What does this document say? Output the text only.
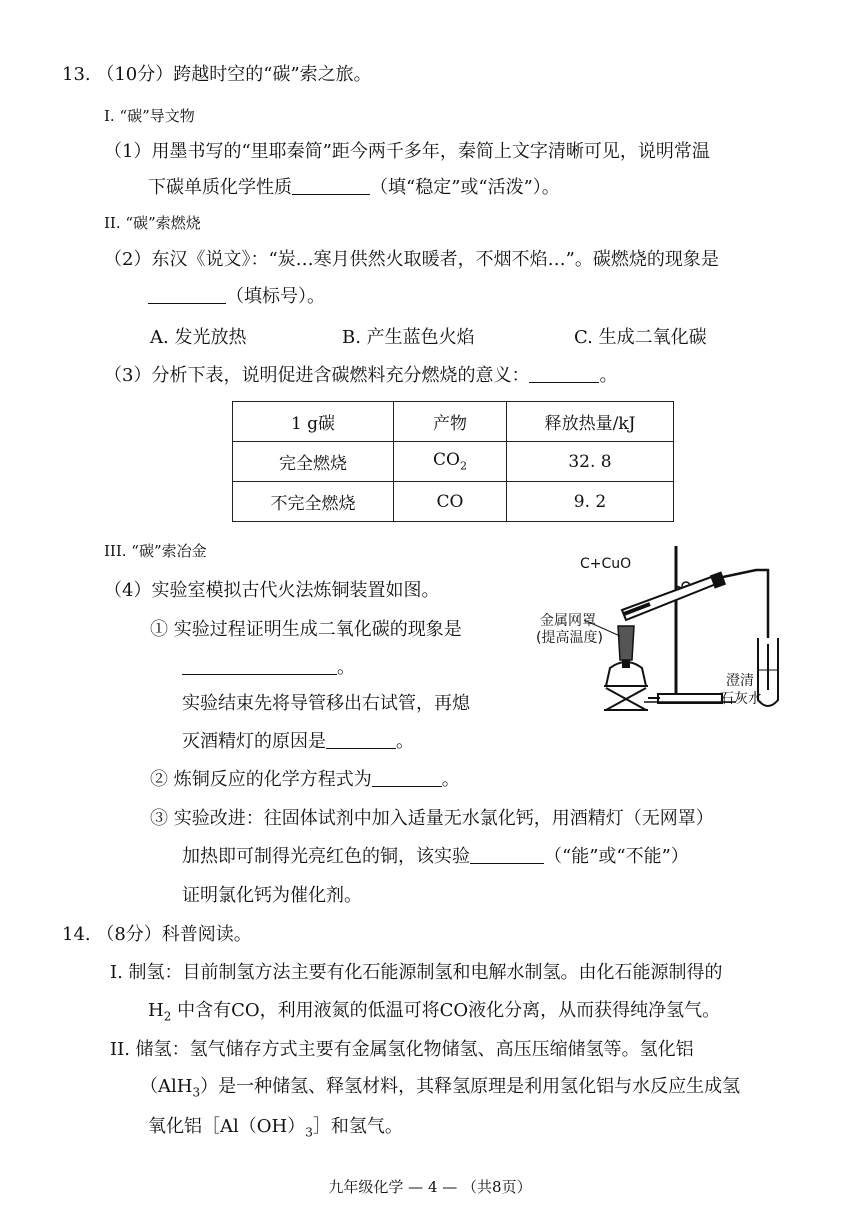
13. （10分）跨越时空的“碳”索之旅。
I. “碳”导文物
（1）用墨书写的“里耶秦简”距今两千多年，秦简上文字清晰可见，说明常温
下碳单质化学性质	（填“稳定”或“活泼”）。
II. “碳”索燃烧
（2）东汉《说文》：“炭…寒月供然火取暖者，不烟不焰…”。碳燃烧的现象是
（填标号）。
A. 发光放热	B. 产生蓝色火焰	C. 生成二氧化碳
（3）分析下表，说明促进含碳燃料充分燃烧的意义：	。
1 g碳	产物	释放热量/kJ
完全燃烧	$CO_2$	32. 8
不完全燃烧	CO	9. 2
III. “碳”索冶金
（4）实验室模拟古代火法炼铜装置如图。
① 实验过程证明生成二氧化碳的现象是
。
实验结束先将导管移出右试管，再熄
灭酒精灯的原因是	。
② 炼铜反应的化学方程式为	。
③ 实验改进：往固体试剂中加入适量无水氯化钙，用酒精灯（无网罩）
加热即可制得光亮红色的铜，该实验	（“能”或“不能”）
证明氯化钙为催化剂。
C+CuO
金属网罩
(提高温度)
澄清
石灰水
14. （8分）科普阅读。
I. 制氢：目前制氢方法主要有化石能源制氢和电解水制氢。由化石能源制得的
$H_2$ 中含有CO，利用液氮的低温可将CO液化分离，从而获得纯净氢气。
II. 储氢：氢气储存方式主要有金属氢化物储氢、高压压缩储氢等。氢化铝
（AlH$_3$）是一种储氢、释氢材料，其释氢原理是利用氢化铝与水反应生成氢
氧化铝$[Al(OH)_3]$和氢气。
九年级化学 — 4 — （共8页）
